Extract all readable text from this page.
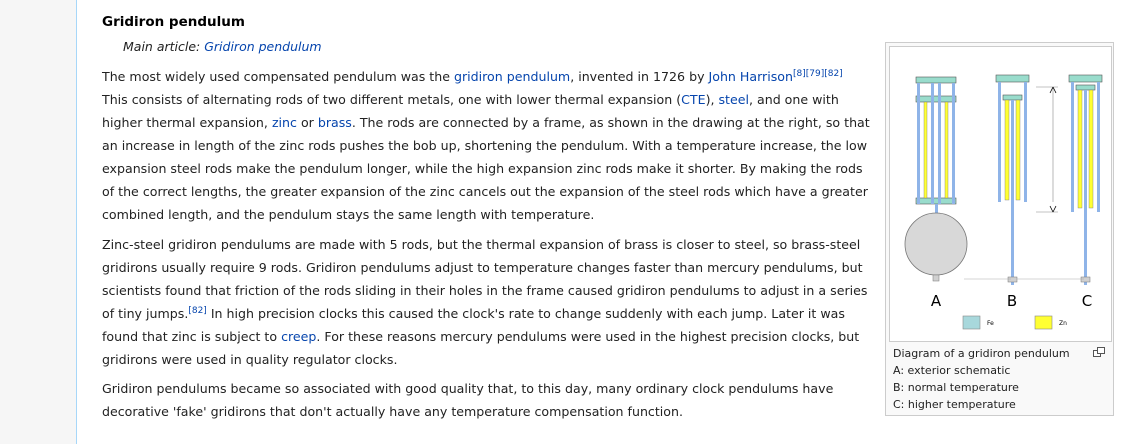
Gridiron pendulum
Main article: Gridiron pendulum
The most widely used compensated pendulum was the gridiron pendulum, invented in 1726 by John Harrison[8][79][82] This consists of alternating rods of two different metals, one with lower thermal expansion (CTE), steel, and one with higher thermal expansion, zinc or brass. The rods are connected by a frame, as shown in the drawing at the right, so that an increase in length of the zinc rods pushes the bob up, shortening the pendulum. With a temperature increase, the low expansion steel rods make the pendulum longer, while the high expansion zinc rods make it shorter. By making the rods of the correct lengths, the greater expansion of the zinc cancels out the expansion of the steel rods which have a greater combined length, and the pendulum stays the same length with temperature.
Zinc-steel gridiron pendulums are made with 5 rods, but the thermal expansion of brass is closer to steel, so brass-steel gridirons usually require 9 rods. Gridiron pendulums adjust to temperature changes faster than mercury pendulums, but scientists found that friction of the rods sliding in their holes in the frame caused gridiron pendulums to adjust in a series of tiny jumps.[82] In high precision clocks this caused the clock's rate to change suddenly with each jump. Later it was found that zinc is subject to creep. For these reasons mercury pendulums were used in the highest precision clocks, but gridirons were used in quality regulator clocks.
Gridiron pendulums became so associated with good quality that, to this day, many ordinary clock pendulums have decorative 'fake' gridirons that don't actually have any temperature compensation function.
A	B	C
Fe	Zn
Diagram of a gridiron pendulum
A: exterior schematic
B: normal temperature
C: higher temperature
